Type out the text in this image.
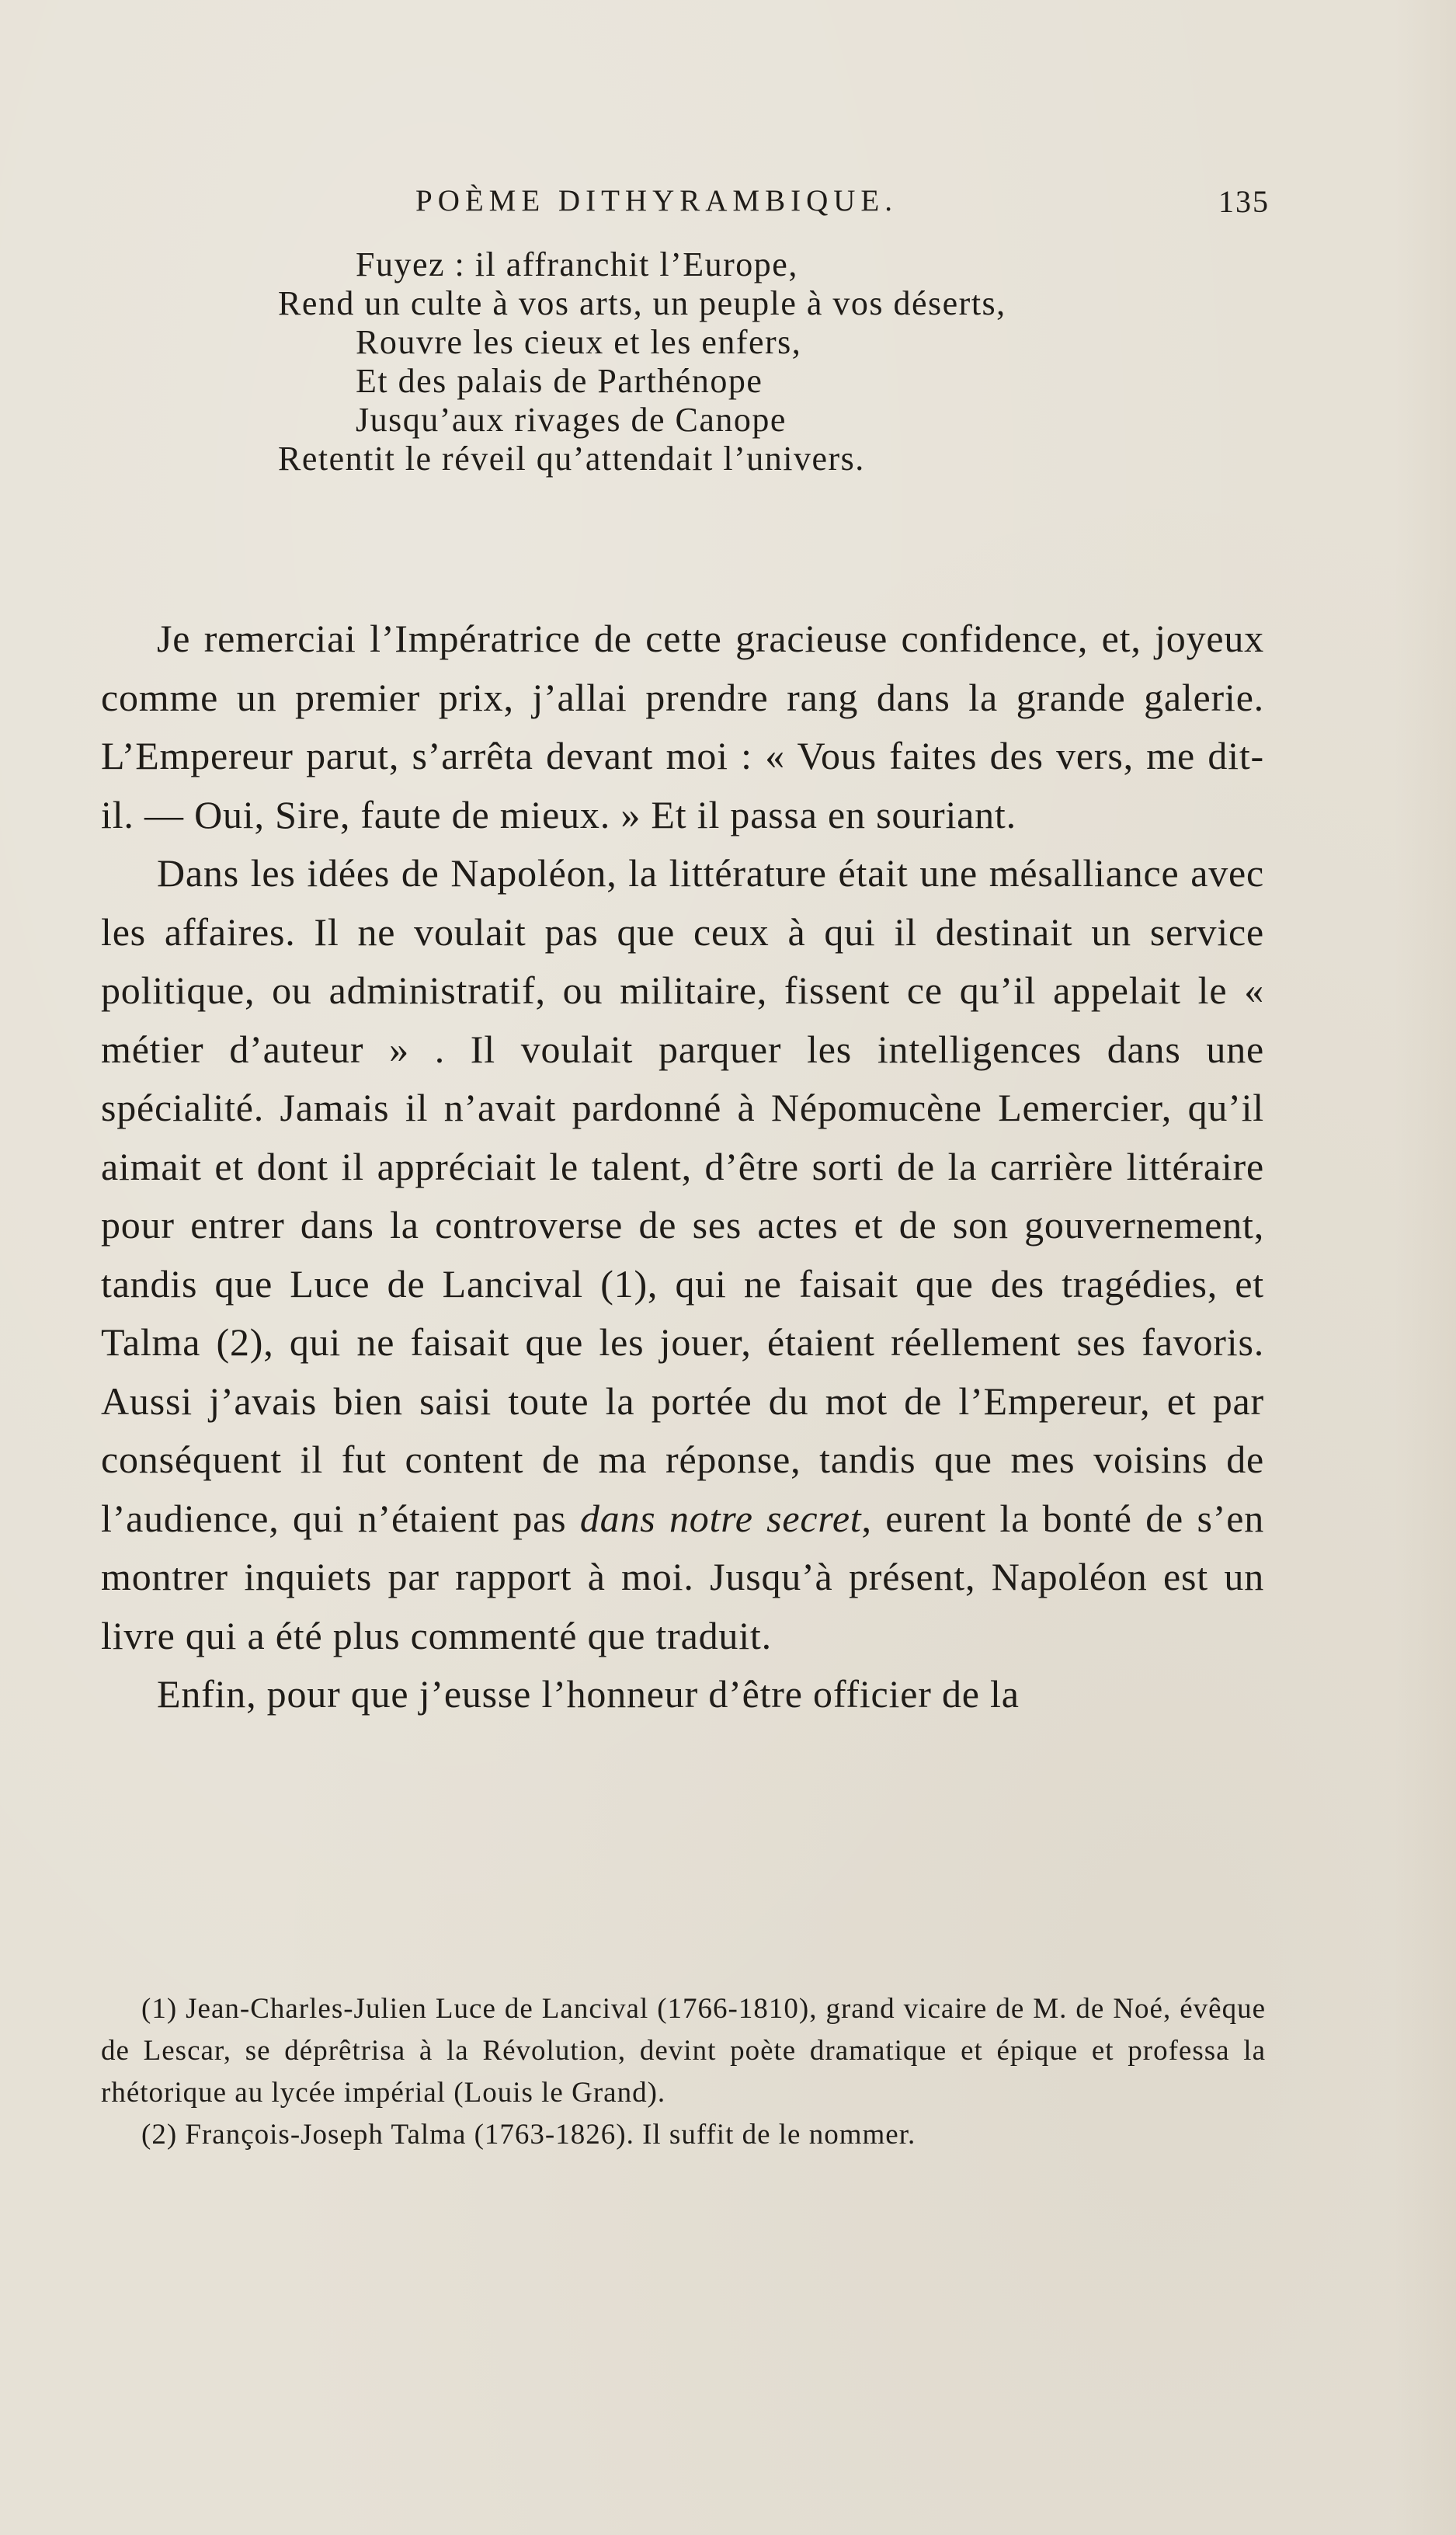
POÈME DITHYRAMBIQUE.	135
Fuyez : il affranchit l’Europe,
Rend un culte à vos arts, un peuple à vos déserts,
Rouvre les cieux et les enfers,
Et des palais de Parthénope
Jusqu’aux rivages de Canope
Retentit le réveil qu’attendait l’univers.

Je remerciai l’Impératrice de cette gracieuse confidence, et, joyeux comme un premier prix, j’allai prendre rang dans la grande galerie. L’Empereur parut, s’arrêta devant moi : « Vous faites des vers, me dit-il. — Oui, Sire, faute de mieux. » Et il passa en souriant.

Dans les idées de Napoléon, la littérature était une mésalliance avec les affaires. Il ne voulait pas que ceux à qui il destinait un service politique, ou administratif, ou militaire, fissent ce qu’il appelait le « métier d’auteur » . Il voulait parquer les intelligences dans une spécialité. Jamais il n’avait pardonné à Népomucène Lemercier, qu’il aimait et dont il appréciait le talent, d’être sorti de la carrière littéraire pour entrer dans la controverse de ses actes et de son gouvernement, tandis que Luce de Lancival (1), qui ne faisait que des tragédies, et Talma (2), qui ne faisait que les jouer, étaient réellement ses favoris. Aussi j’avais bien saisi toute la portée du mot de l’Empereur, et par conséquent il fut content de ma réponse, tandis que mes voisins de l’audience, qui n’étaient pas dans notre secret, eurent la bonté de s’en montrer inquiets par rapport à moi. Jusqu’à présent, Napoléon est un livre qui a été plus commenté que traduit.

Enfin, pour que j’eusse l’honneur d’être officier de la

(1) Jean-Charles-Julien Luce de Lancival (1766-1810), grand vicaire de M. de Noé, évêque de Lescar, se déprêtrisa à la Révolution, devint poète dramatique et épique et professa la rhétorique au lycée impérial (Louis le Grand).

(2) François-Joseph Talma (1763-1826). Il suffit de le nommer.
